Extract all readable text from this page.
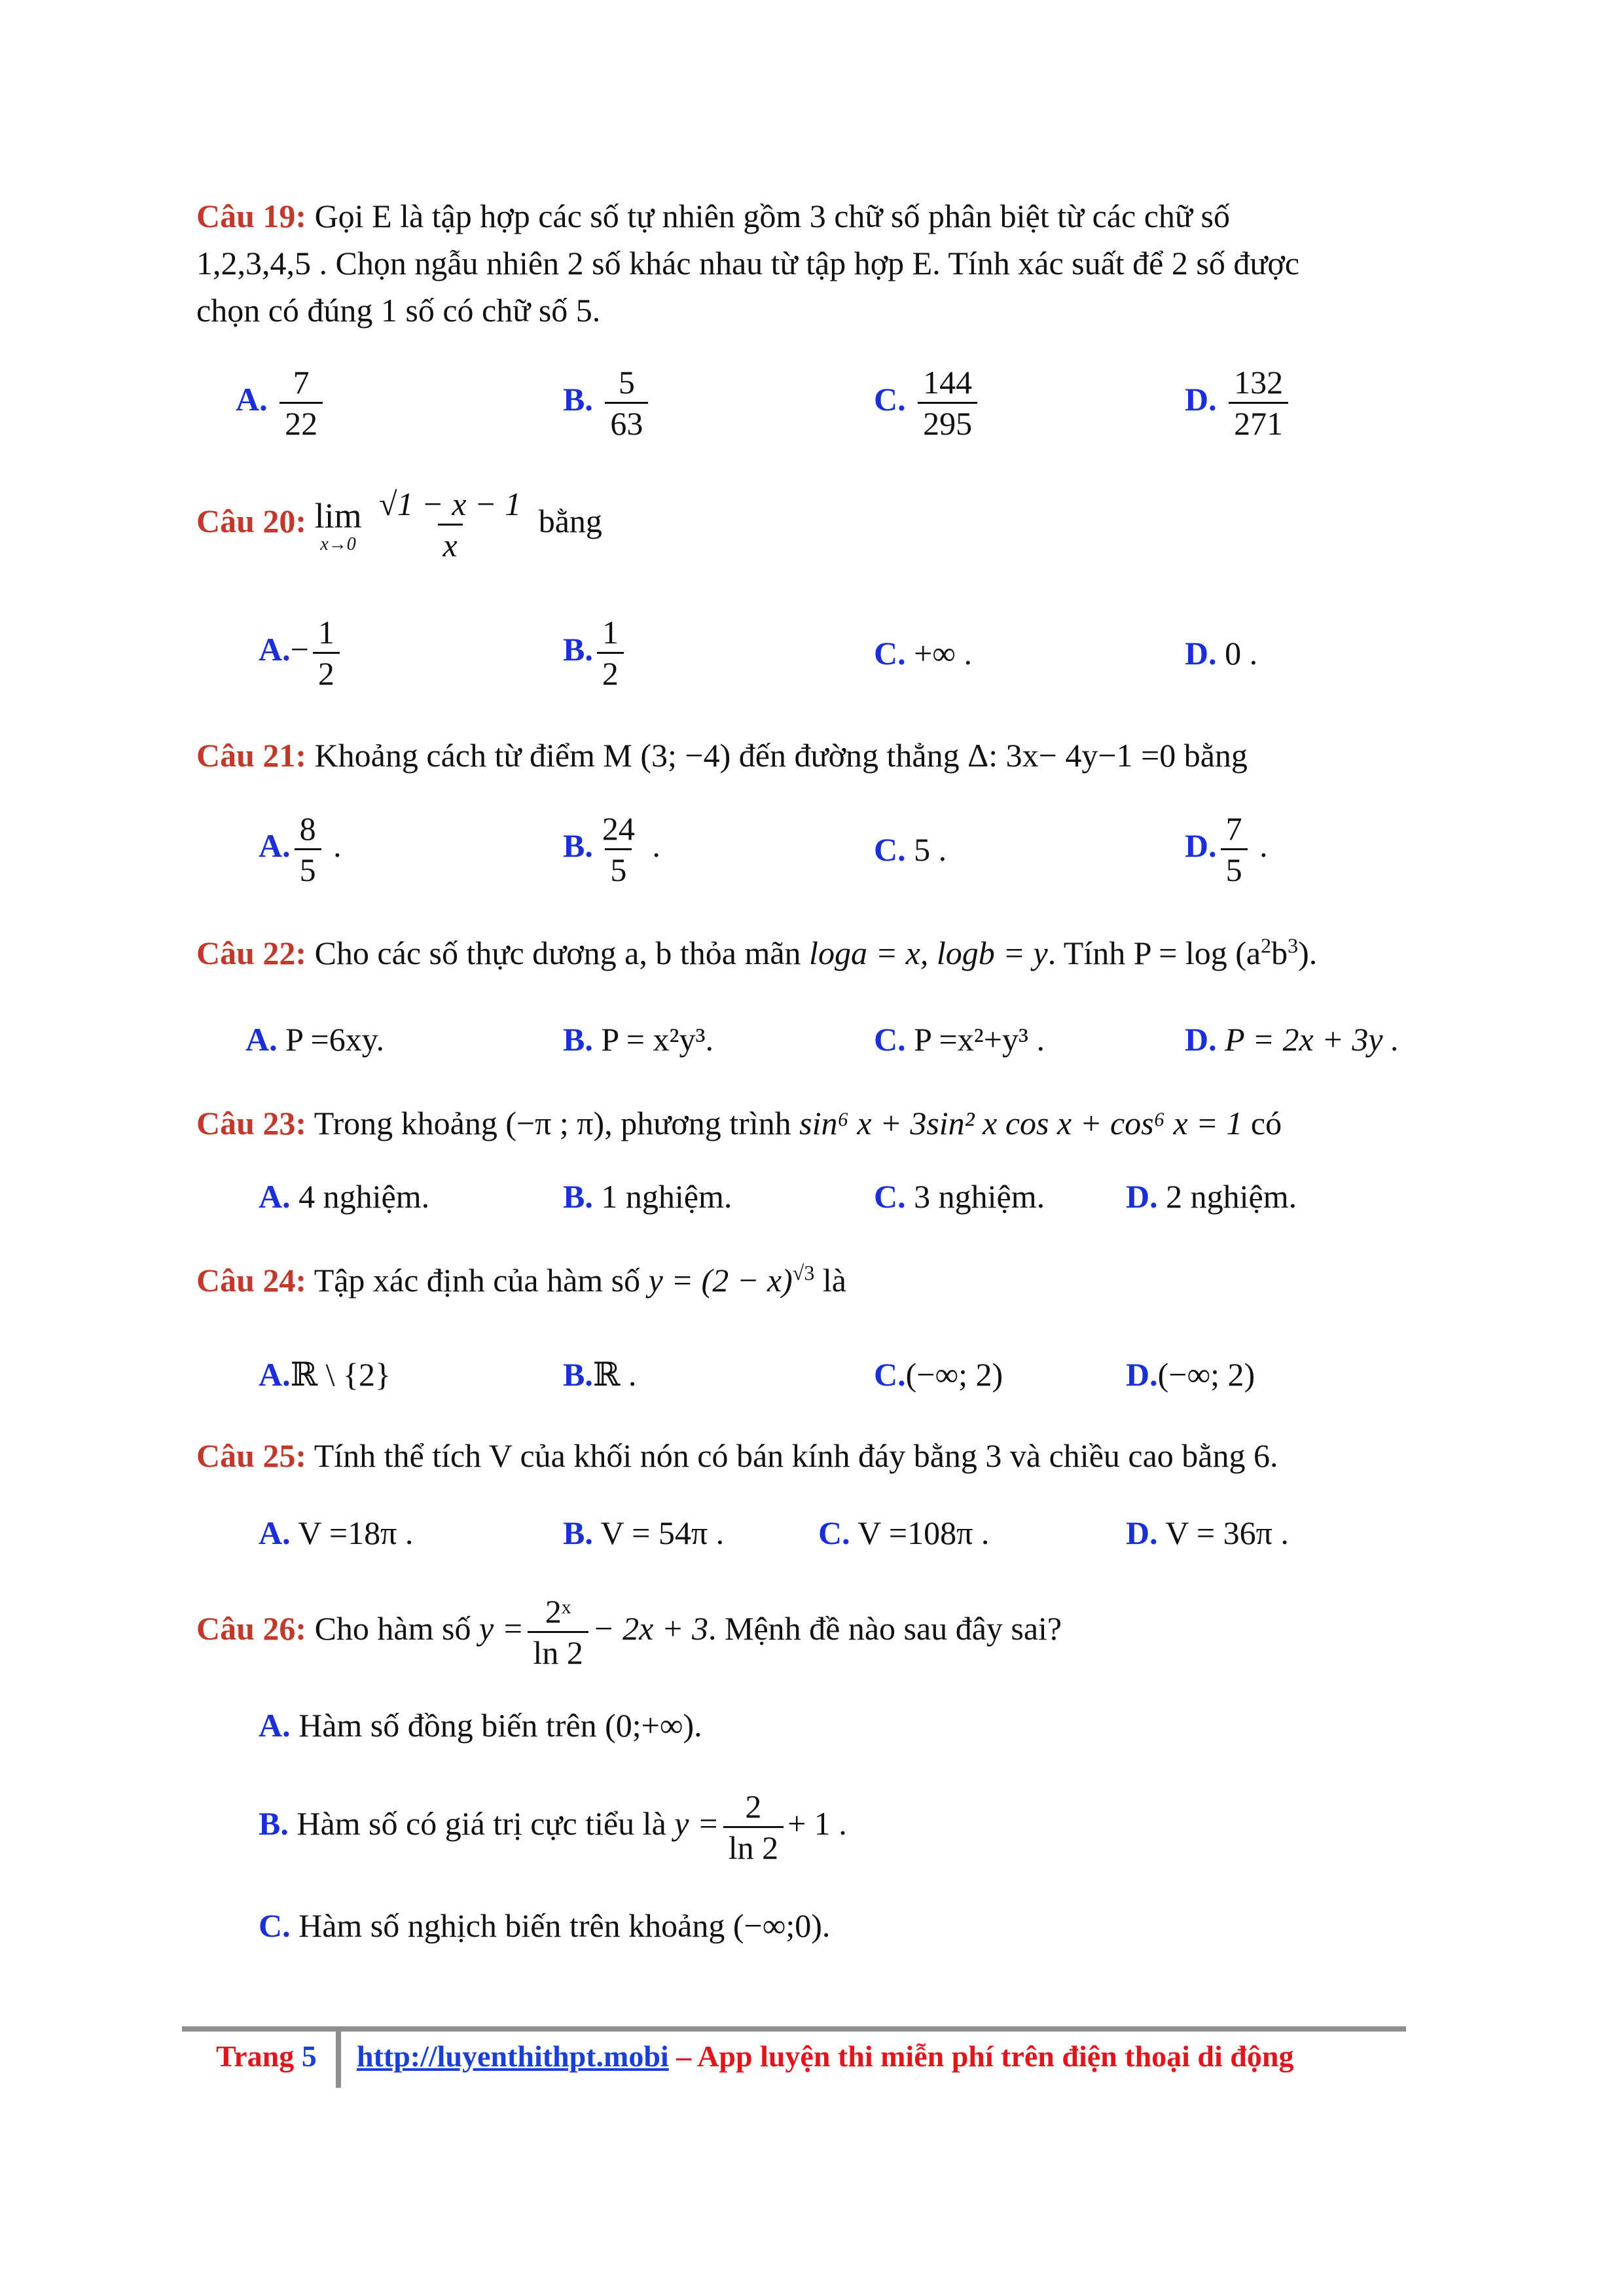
Câu 19: Gọi E là tập hợp các số tự nhiên gồm 3 chữ số phân biệt từ các chữ số
1,2,3,4,5 . Chọn ngẫu nhiên 2 số khác nhau từ tập hợp E. Tính xác suất để 2 số được
chọn có đúng 1 số có chữ số 5.
A. $\frac{7}{22}$	B. $\frac{5}{63}$	C. $\frac{144}{295}$	D. $\frac{132}{271}$
Câu 20: lim
x→0
$\frac{√1 - x - 1}{x}$ bằng
$A.- \frac{1}{2}$	B. $\frac{1}{2}$	C. +∞ .	D. 0 .
Câu 21: Khoảng cách từ điểm M (3; −4) đến đường thẳng Δ: 3x− 4y−1 =0 bằng
A. $\frac{8}{5}$ .	B. $\frac{24}{5}$ .	C. 5 .	D. $\frac{7}{5}$ .
Câu 22: Cho các số thực dương a, b thỏa mãn loga = x, logb = y. Tính $P = \log (a^2b^3)$.
A. P =6xy.	B. P = x²y³.	C. P =x²+y³ .	D. P = 2x + 3y .
Câu 23: Trong khoảng (−π ; π), phương trình sin⁶ x + 3sin² x cos x + cos⁶ x = 1 có
A. 4 nghiệm.	B. 1 nghiệm.	C. 3 nghiệm. D. 2 nghiệm.
Câu 24: Tập xác định của hàm số $y = (2 - x)^{√3}$ là
A.ℝ \ {2}	B.ℝ .	C.(−∞; 2)	D.(−∞; 2)
Câu 25: Tính thể tích V của khối nón có bán kính đáy bằng 3 và chiều cao bằng 6.
A. V =18π .	B. V = 54π .	C. V =108π .	D. V = 36π .
Câu 26: Cho hàm số $y = \frac{\text{2ˣ}}{\ln 2} - 2x + 3$. Mệnh đề nào sau đây sai?
A. Hàm số đồng biến trên (0;+∞).
B. Hàm số có giá trị cực tiểu là $y = \frac{2}{\ln 2} + 1$ .
C. Hàm số nghịch biến trên khoảng (−∞;0).
Trang 5 http://luyenthithpt.mobi – App luyện thi miễn phí trên điện thoại di động
